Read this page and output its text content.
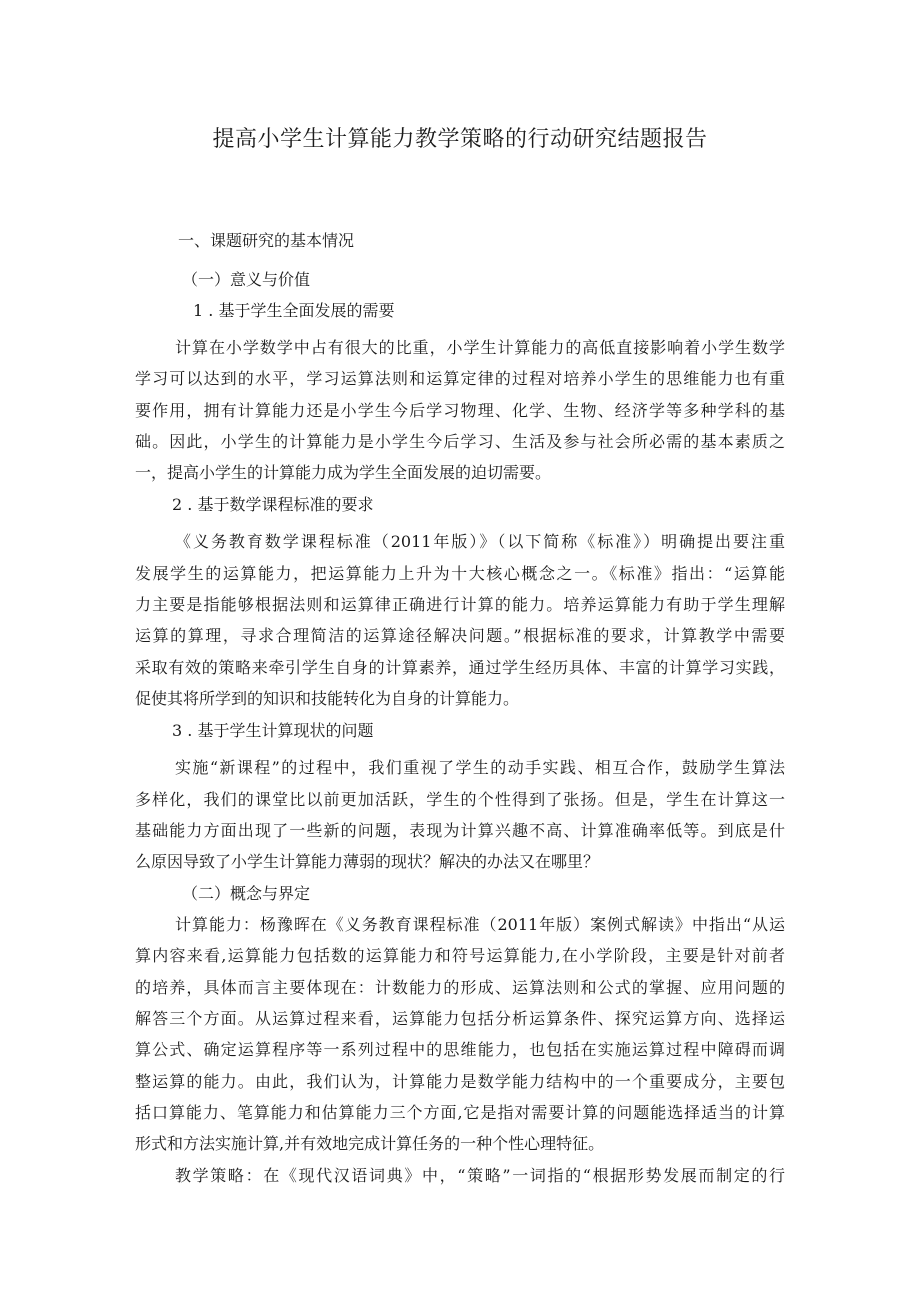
提高小学生计算能力教学策略的行动研究结题报告

一、课题研究的基本情况

（一）意义与价值

1 . 基于学生全面发展的需要

计算在小学数学中占有很大的比重，小学生计算能力的高低直接影响着小学生数学

学习可以达到的水平，学习运算法则和运算定律的过程对培养小学生的思维能力也有重

要作用，拥有计算能力还是小学生今后学习物理、化学、生物、经济学等多种学科的基

础。因此，小学生的计算能力是小学生今后学习、生活及参与社会所必需的基本素质之

一，提高小学生的计算能力成为学生全面发展的迫切需要。

2 . 基于数学课程标准的要求

《义务教育数学课程标准（2011年版）》（以下简称《标准》）明确提出要注重

发展学生的运算能力，把运算能力上升为十大核心概念之一。《标准》指出：“运算能

力主要是指能够根据法则和运算律正确进行计算的能力。培养运算能力有助于学生理解

运算的算理，寻求合理简洁的运算途径解决问题。”根据标准的要求，计算教学中需要

采取有效的策略来牵引学生自身的计算素养，通过学生经历具体、丰富的计算学习实践，

促使其将所学到的知识和技能转化为自身的计算能力。

3 . 基于学生计算现状的问题

实施“新课程”的过程中，我们重视了学生的动手实践、相互合作，鼓励学生算法

多样化，我们的课堂比以前更加活跃，学生的个性得到了张扬。但是，学生在计算这一

基础能力方面出现了一些新的问题，表现为计算兴趣不高、计算准确率低等。到底是什

么原因导致了小学生计算能力薄弱的现状？解决的办法又在哪里？

（二）概念与界定

计算能力：杨豫晖在《义务教育课程标准（2011年版）案例式解读》中指出“从运

算内容来看,运算能力包括数的运算能力和符号运算能力,在小学阶段，主要是针对前者

的培养，具体而言主要体现在：计数能力的形成、运算法则和公式的掌握、应用问题的

解答三个方面。从运算过程来看，运算能力包括分析运算条件、探究运算方向、选择运

算公式、确定运算程序等一系列过程中的思维能力，也包括在实施运算过程中障碍而调

整运算的能力。由此，我们认为，计算能力是数学能力结构中的一个重要成分，主要包

括口算能力、笔算能力和估算能力三个方面,它是指对需要计算的问题能选择适当的计算

形式和方法实施计算,并有效地完成计算任务的一种个性心理特征。

教学策略：在《现代汉语词典》中，“策略”一词指的“根据形势发展而制定的行
